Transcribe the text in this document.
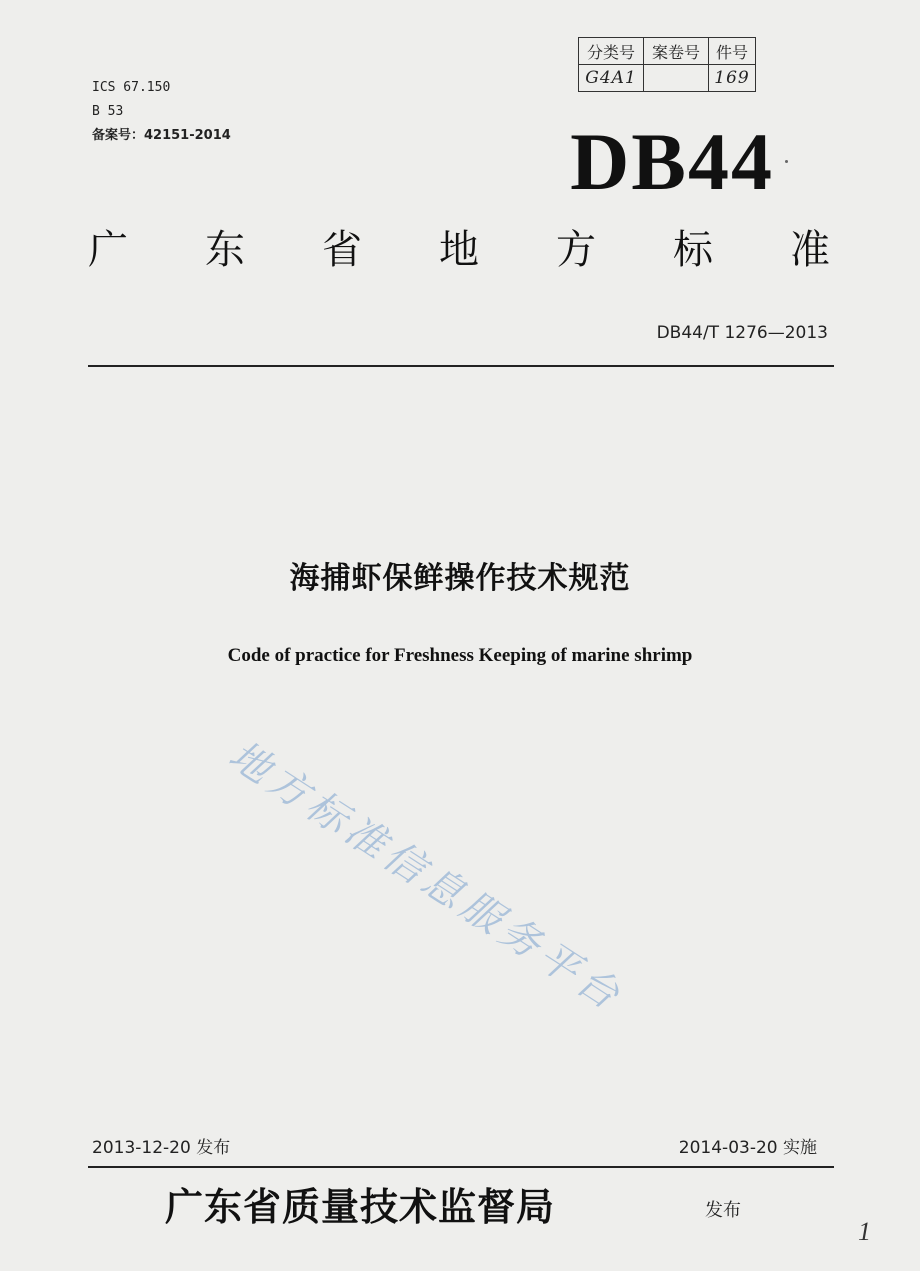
ICS 67.150
B 53
备案号：42151-2014
分类号	案卷号	件号
G4A1		169
DB44
广 东 省 地 方 标 准
DB44/T 1276—2013
海捕虾保鲜操作技术规范
Code of practice for Freshness Keeping of marine shrimp
地方标准信息服务平台
2013-12-20 发布	2014-03-20 实施
广东省质量技术监督局	发布
1
